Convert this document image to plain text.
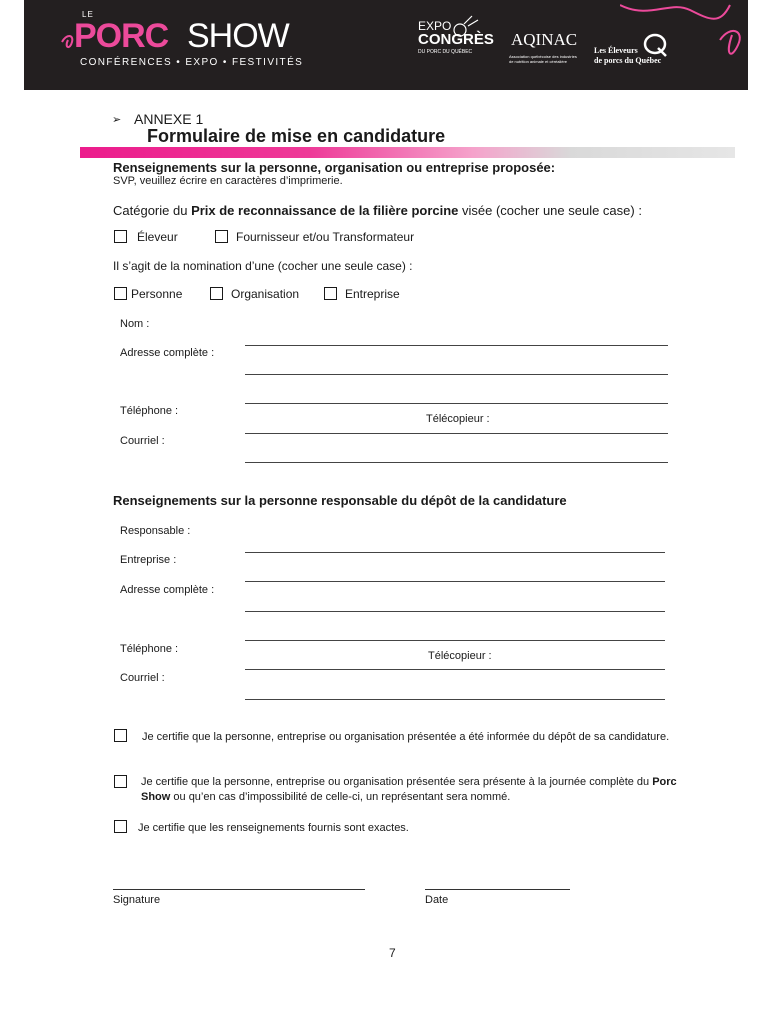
LE
PORC SHOW
CONFÉRENCES • EXPO • FESTIVITÉS
EXPO
CONGRÈS
DU PORC DU QUÉBEC
AQINAC
Association québécoise des industries de nutrition animale et céréalière
Les Éleveurs
de porcs du Québec
➢ ANNEXE 1
Formulaire de mise en candidature
Renseignements sur la personne, organisation ou entreprise proposée:
SVP, veuillez écrire en caractères d’imprimerie.
Catégorie du Prix de reconnaissance de la filière porcine visée (cocher une seule case) :
Éleveur	Fournisseur et/ou Transformateur
Il s’agit de la nomination d’une (cocher une seule case) :
Personne	Organisation	Entreprise
Nom :
Adresse complète :
Téléphone :
Télécopieur :
Courriel :
Renseignements sur la personne responsable du dépôt de la candidature
Responsable :
Entreprise :
Adresse complète :
Téléphone :
Télécopieur :
Courriel :
Je certifie que la personne, entreprise ou organisation présentée a été informée du dépôt de sa candidature.
Je certifie que la personne, entreprise ou organisation présentée sera présente à la journée complète du Porc Show ou qu’en cas d’impossibilité de celle-ci, un représentant sera nommé.
Je certifie que les renseignements fournis sont exactes.
Signature	Date
7
